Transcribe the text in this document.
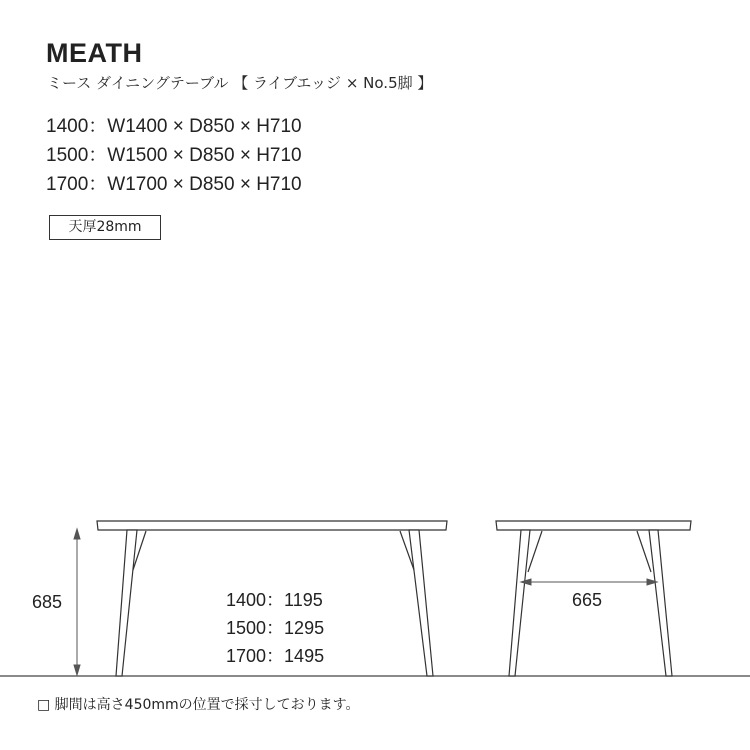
MEATH
ミース ダイニングテーブル 【 ライブエッジ × No.5脚 】
1400：W1400 × D850 × H710
1500：W1500 × D850 × H710
1700：W1700 × D850 × H710
天厚28mm
685	1400：1195
1500：1295
1700：1495
665
□ 脚間は高さ450mmの位置で採寸しております。
